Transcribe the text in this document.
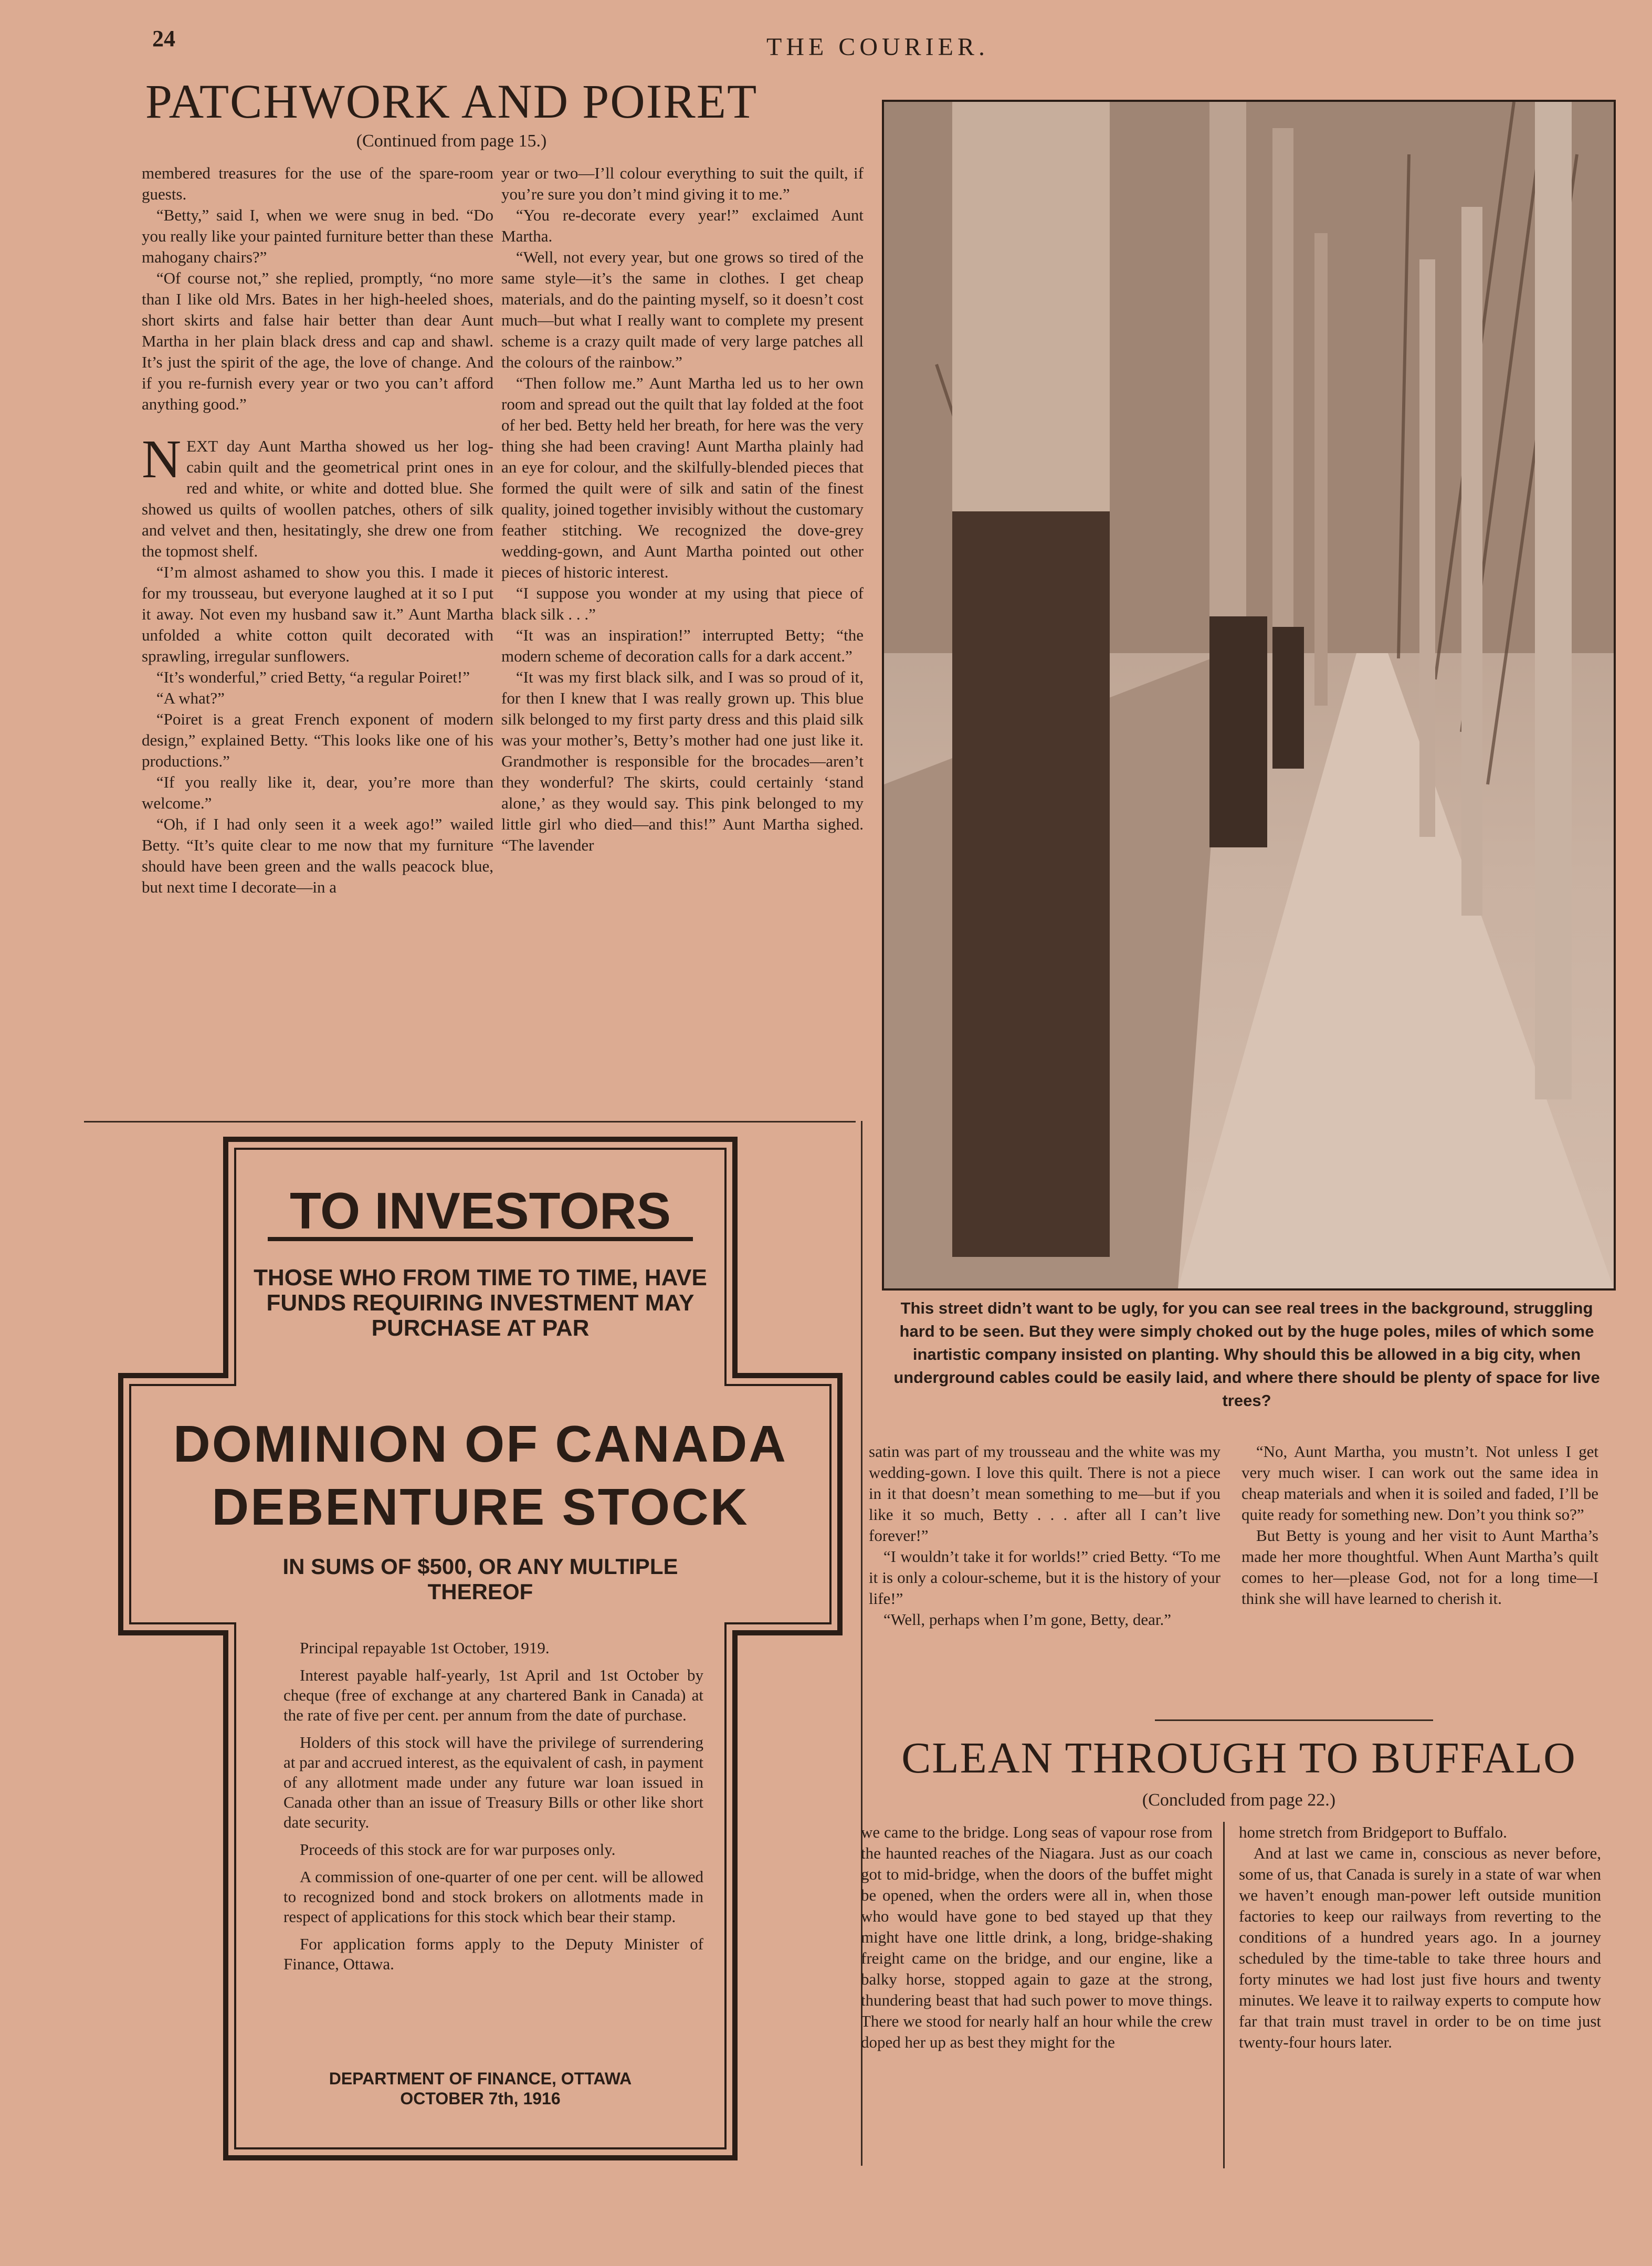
24	THE COURIER.
PATCHWORK AND POIRET
(Continued from page 15.)

membered treasures for the use of the spare-room guests.

“Betty,” said I, when we were snug in bed. “Do you really like your painted furniture better than these mahogany chairs?”

“Of course not,” she replied, promptly, “no more than I like old Mrs. Bates in her high-heeled shoes, short skirts and false hair better than dear Aunt Martha in her plain black dress and cap and shawl. It’s just the spirit of the age, the love of change. And if you re-furnish every year or two you can’t afford anything good.”

NEXT day Aunt Martha showed us her log-cabin quilt and the geometrical print ones in red and white, or white and dotted blue. She showed us quilts of woollen patches, others of silk and velvet and then, hesitatingly, she drew one from the topmost shelf.

“I’m almost ashamed to show you this. I made it for my trousseau, but everyone laughed at it so I put it away. Not even my husband saw it.” Aunt Martha unfolded a white cotton quilt decorated with sprawling, irregular sunflowers.

“It’s wonderful,” cried Betty, “a regular Poiret!”

“A what?”

“Poiret is a great French exponent of modern design,” explained Betty. “This looks like one of his productions.”

“If you really like it, dear, you’re more than welcome.”

“Oh, if I had only seen it a week ago!” wailed Betty. “It’s quite clear to me now that my furniture should have been green and the walls peacock blue, but next time I decorate—in a

year or two—I’ll colour everything to suit the quilt, if you’re sure you don’t mind giving it to me.”

“You re-decorate every year!” exclaimed Aunt Martha.

“Well, not every year, but one grows so tired of the same style—it’s the same in clothes. I get cheap materials, and do the painting myself, so it doesn’t cost much—but what I really want to complete my present scheme is a crazy quilt made of very large patches all the colours of the rainbow.”

“Then follow me.” Aunt Martha led us to her own room and spread out the quilt that lay folded at the foot of her bed. Betty held her breath, for here was the very thing she had been craving! Aunt Martha plainly had an eye for colour, and the skilfully-blended pieces that formed the quilt were of silk and satin of the finest quality, joined together invisibly without the customary feather stitching. We recognized the dove-grey wedding-gown, and Aunt Martha pointed out other pieces of historic interest.

“I suppose you wonder at my using that piece of black silk . . .”

“It was an inspiration!” interrupted Betty; “the modern scheme of decoration calls for a dark accent.”

“It was my first black silk, and I was so proud of it, for then I knew that I was really grown up. This blue silk belonged to my first party dress and this plaid silk was your mother’s, Betty’s mother had one just like it. Grandmother is responsible for the brocades—aren’t they wonderful? The skirts, could certainly ‘stand alone,’ as they would say. This pink belonged to my little girl who died—and this!” Aunt Martha sighed. “The lavender

This street didn’t want to be ugly, for you can see real trees in the background, struggling hard to be seen. But they were simply choked out by the huge poles, miles of which some inartistic company insisted on planting. Why should this be allowed in a big city, when underground cables could be easily laid, and where there should be plenty of space for live trees?

satin was part of my trousseau and the white was my wedding-gown. I love this quilt. There is not a piece in it that doesn’t mean something to me—but if you like it so much, Betty . . . after all I can’t live forever!”

“I wouldn’t take it for worlds!” cried Betty. “To me it is only a colour-scheme, but it is the history of your life!”

“Well, perhaps when I’m gone, Betty, dear.”

“No, Aunt Martha, you mustn’t. Not unless I get very much wiser. I can work out the same idea in cheap materials and when it is soiled and faded, I’ll be quite ready for something new. Don’t you think so?”

But Betty is young and her visit to Aunt Martha’s made her more thoughtful. When Aunt Martha’s quilt comes to her—please God, not for a long time—I think she will have learned to cherish it.

CLEAN THROUGH TO BUFFALO
(Concluded from page 22.)

we came to the bridge. Long seas of vapour rose from the haunted reaches of the Niagara. Just as our coach got to mid-bridge, when the doors of the buffet might be opened, when the orders were all in, when those who would have gone to bed stayed up that they might have one little drink, a long, bridge-shaking freight came on the bridge, and our engine, like a balky horse, stopped again to gaze at the strong, thundering beast that had such power to move things. There we stood for nearly half an hour while the crew doped her up as best they might for the

home stretch from Bridgeport to Buffalo.

And at last we came in, conscious as never before, some of us, that Canada is surely in a state of war when we haven’t enough man-power left outside munition factories to keep our railways from reverting to the conditions of a hundred years ago. In a journey scheduled by the time-table to take three hours and forty minutes we had lost just five hours and twenty minutes. We leave it to railway experts to compute how far that train must travel in order to be on time just twenty-four hours later.

TO INVESTORS
THOSE WHO FROM TIME TO TIME, HAVE FUNDS REQUIRING INVESTMENT MAY PURCHASE AT PAR
DOMINION OF CANADA
DEBENTURE STOCK
IN SUMS OF $500, OR ANY MULTIPLE THEREOF

Principal repayable 1st October, 1919.

Interest payable half-yearly, 1st April and 1st October by cheque (free of exchange at any chartered Bank in Canada) at the rate of five per cent. per annum from the date of purchase.

Holders of this stock will have the privilege of surrendering at par and accrued interest, as the equivalent of cash, in payment of any allotment made under any future war loan issued in Canada other than an issue of Treasury Bills or other like short date security.

Proceeds of this stock are for war purposes only.

A commission of one-quarter of one per cent. will be allowed to recognized bond and stock brokers on allotments made in respect of applications for this stock which bear their stamp.

For application forms apply to the Deputy Minister of Finance, Ottawa.

DEPARTMENT OF FINANCE, OTTAWA
OCTOBER 7th, 1916
